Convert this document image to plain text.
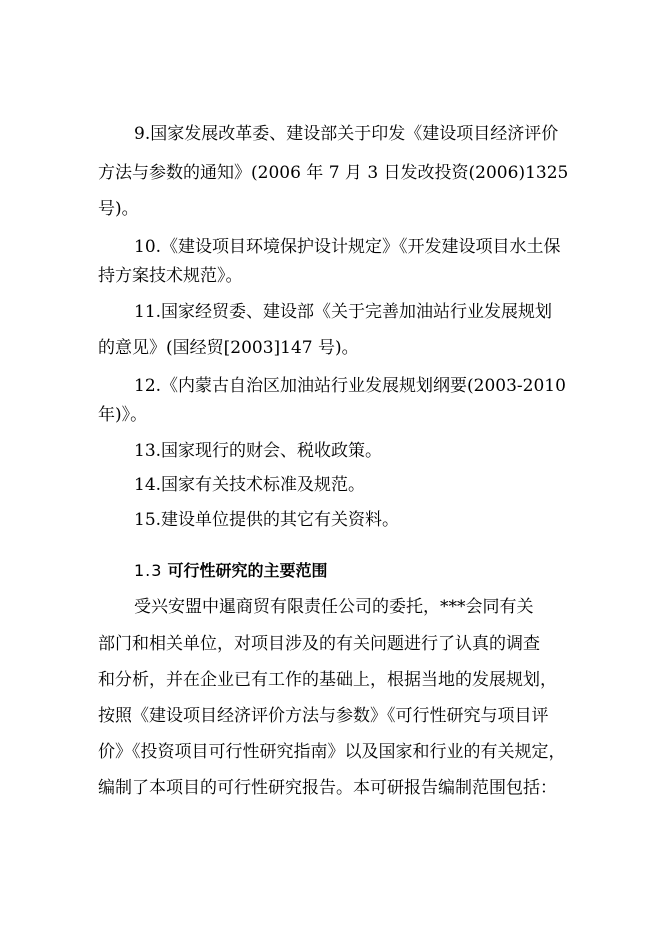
9.国家发展改革委、建设部关于印发《建设项目经济评价
方法与参数的通知》(2006 年 7 月 3 日发改投资(2006)1325
号)。
10.《建设项目环境保护设计规定》《开发建设项目水土保
持方案技术规范》。
11.国家经贸委、建设部《关于完善加油站行业发展规划
的意见》(国经贸[2003]147 号)。
12.《内蒙古自治区加油站行业发展规划纲要(2003-2010
年)》。
13.国家现行的财会、税收政策。
14.国家有关技术标准及规范。
15.建设单位提供的其它有关资料。
1.3 可行性研究的主要范围
受兴安盟中暹商贸有限责任公司的委托，***会同有关
部门和相关单位，对项目涉及的有关问题进行了认真的调查
和分析，并在企业已有工作的基础上，根据当地的发展规划，
按照《建设项目经济评价方法与参数》《可行性研究与项目评
价》《投资项目可行性研究指南》以及国家和行业的有关规定，
编制了本项目的可行性研究报告。本可研报告编制范围包括：
